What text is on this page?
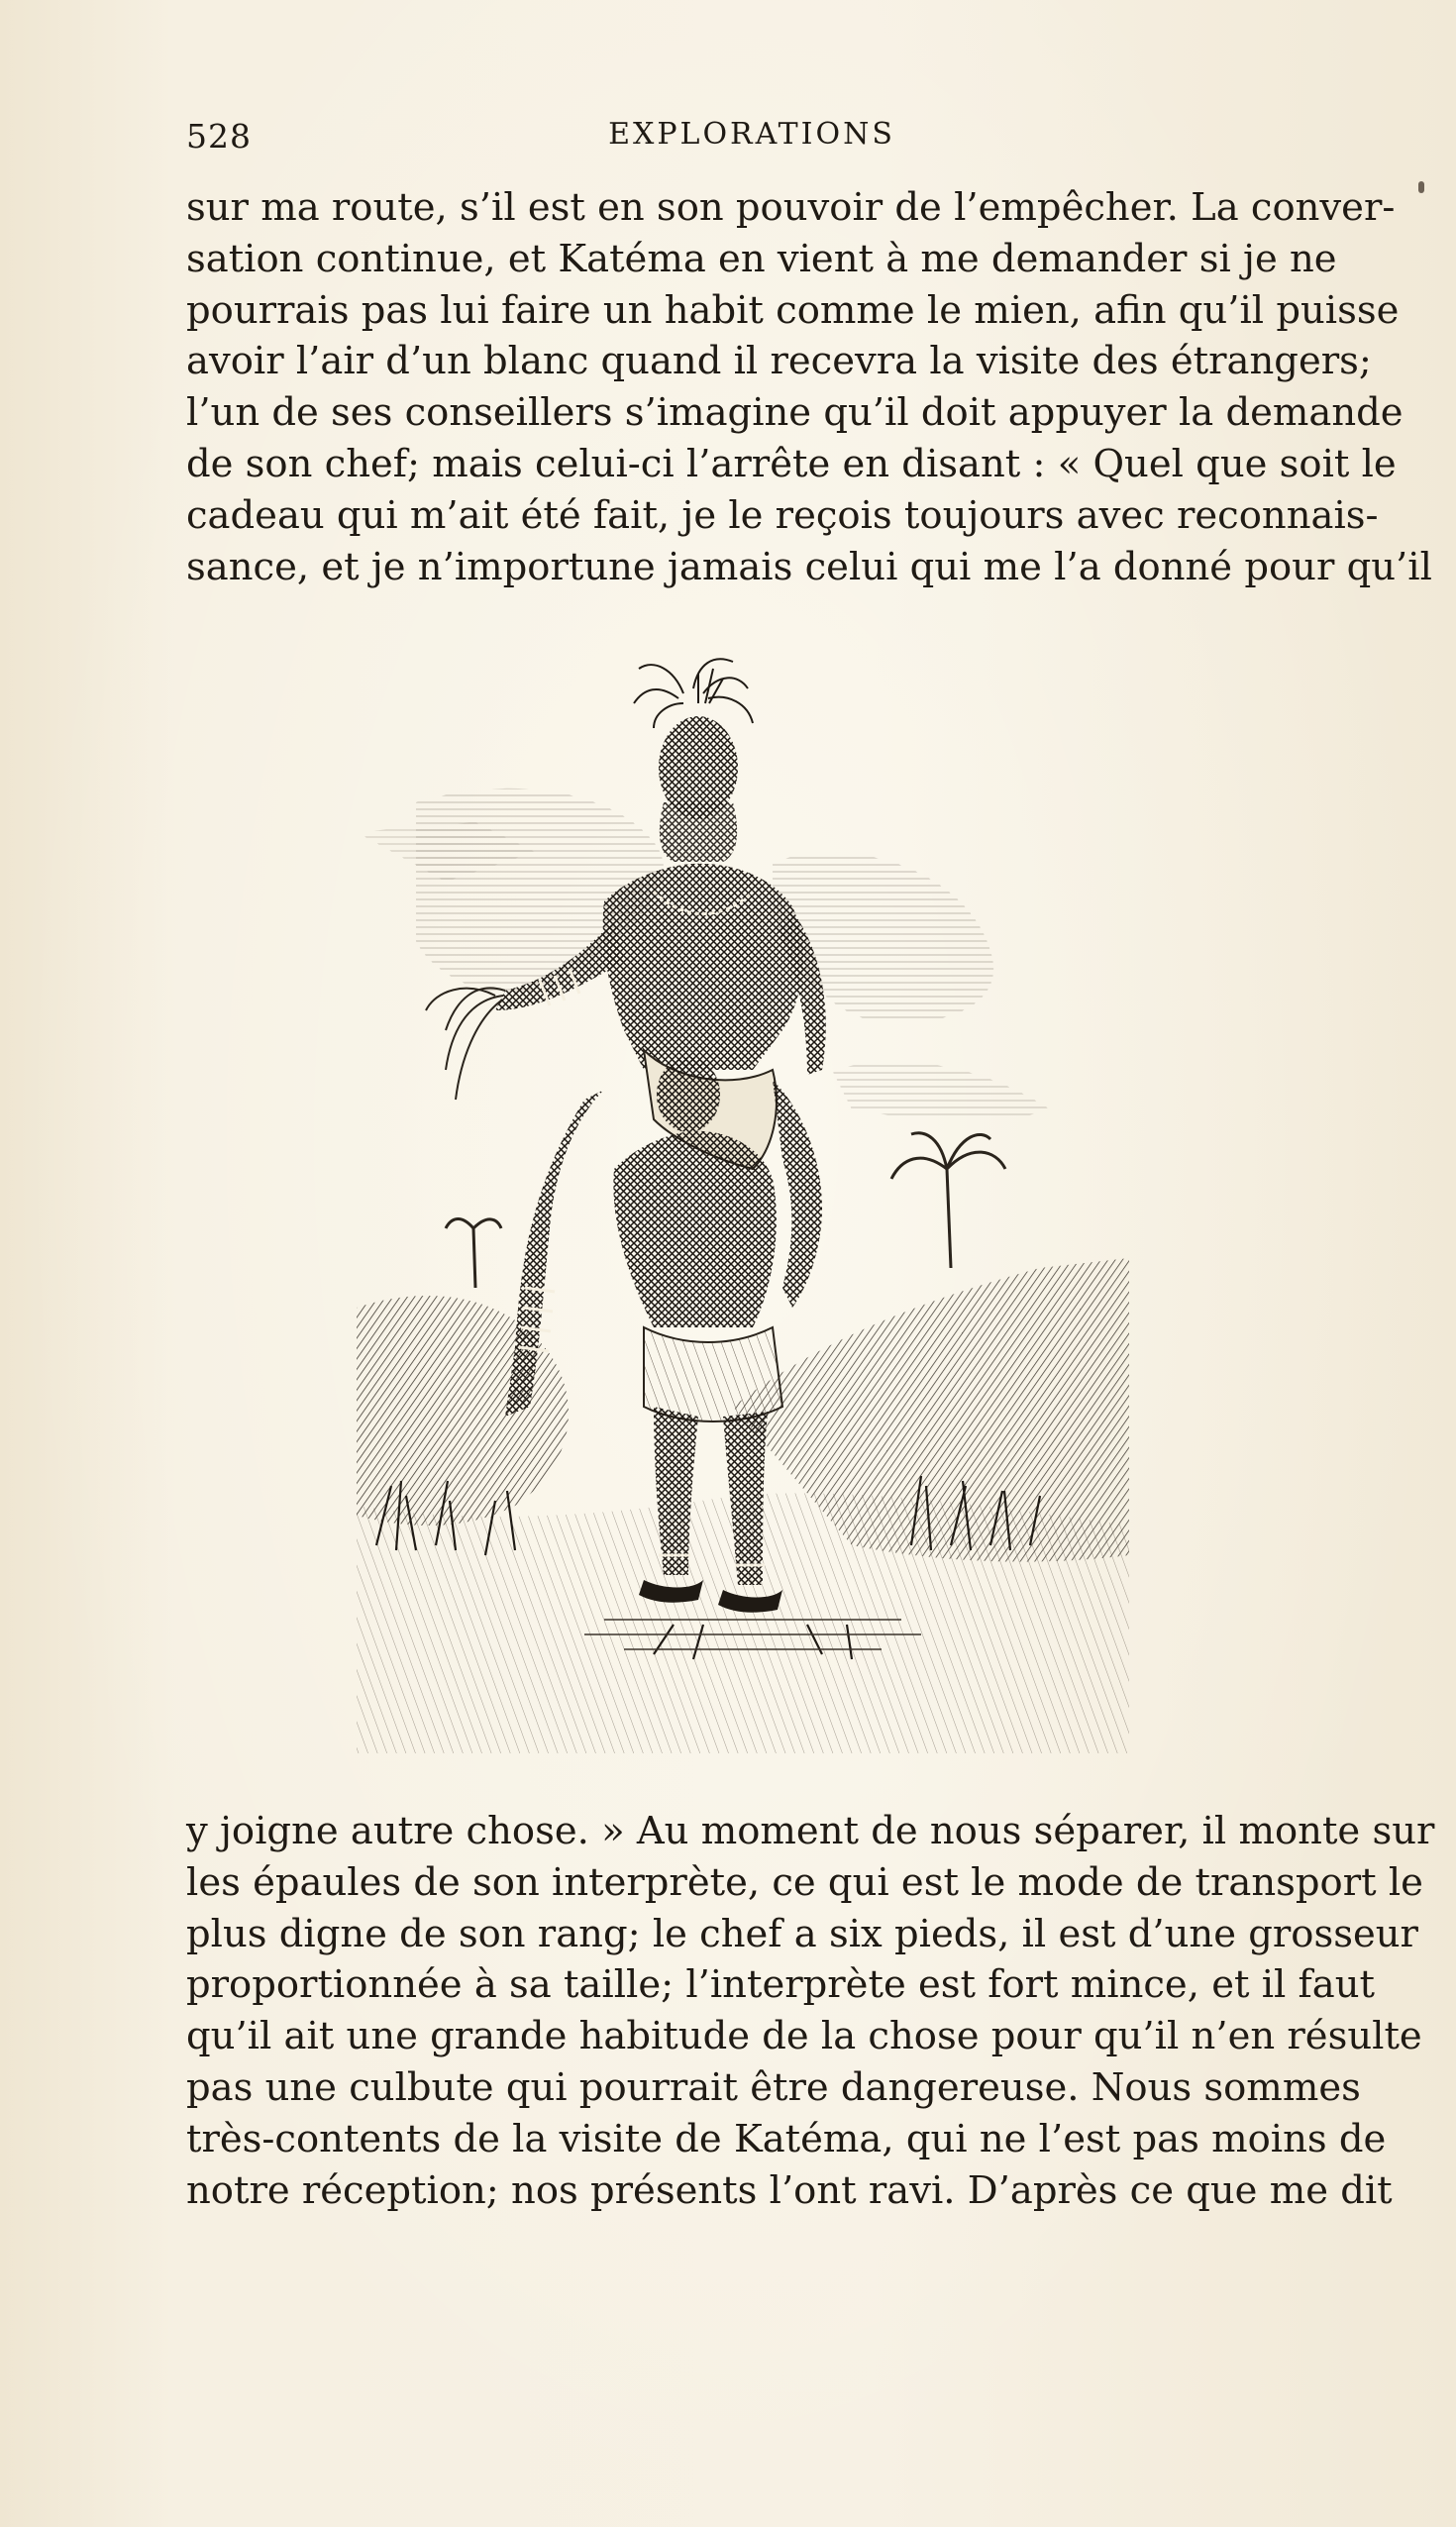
528	EXPLORATIONS
sur ma route, s’il est en son pouvoir de l’empêcher. La conver-
sation continue, et Katéma en vient à me demander si je ne
pourrais pas lui faire un habit comme le mien, afin qu’il puisse
avoir l’air d’un blanc quand il recevra la visite des étrangers;
l’un de ses conseillers s’imagine qu’il doit appuyer la demande
de son chef; mais celui-ci l’arrête en disant : « Quel que soit le
cadeau qui m’ait été fait, je le reçois toujours avec reconnais-
sance, et je n’importune jamais celui qui me l’a donné pour qu’il
y joigne autre chose. » Au moment de nous séparer, il monte sur
les épaules de son interprète, ce qui est le mode de transport le
plus digne de son rang; le chef a six pieds, il est d’une grosseur
proportionnée à sa taille; l’interprète est fort mince, et il faut
qu’il ait une grande habitude de la chose pour qu’il n’en résulte
pas une culbute qui pourrait être dangereuse. Nous sommes
très-contents de la visite de Katéma, qui ne l’est pas moins de
notre réception; nos présents l’ont ravi. D’après ce que me dit
